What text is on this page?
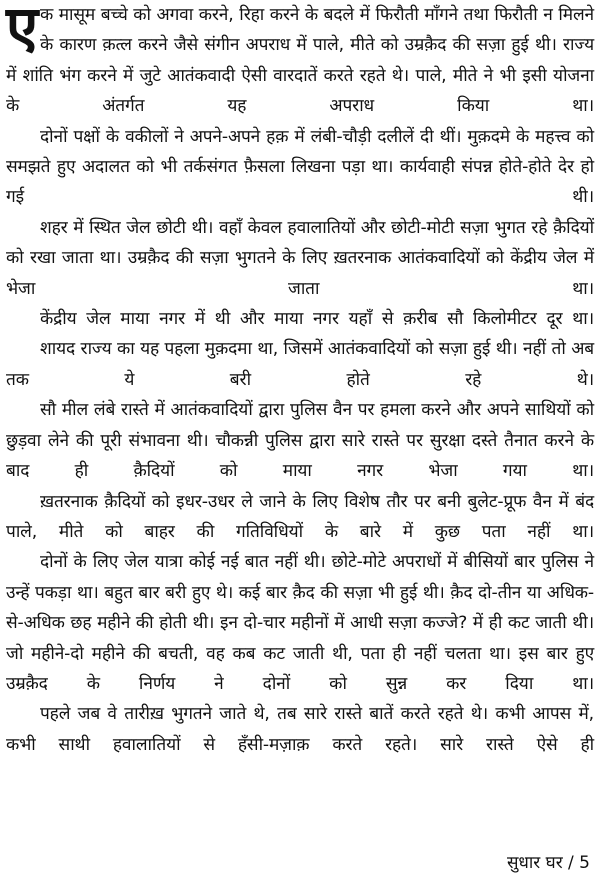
एक मासूम बच्चे को अगवा करने, रिहा करने के बदले में फिरौती माँगने तथा फिरौती न मिलने के कारण क़त्ल करने जैसे संगीन अपराध में पाले, मीते को उम्रक़ैद की सज़ा हुई थी। राज्य में शांति भंग करने में जुटे आतंकवादी ऐसी वारदातें करते रहते थे। पाले, मीते ने भी इसी योजना के अंतर्गत यह अपराध किया था।

दोनों पक्षों के वकीलों ने अपने-अपने हक़ में लंबी-चौड़ी दलीलें दी थीं। मुक़दमे के महत्त्व को समझते हुए अदालत को भी तर्कसंगत फ़ैसला लिखना पड़ा था। कार्यवाही संपन्न होते-होते देर हो गई थी।

शहर में स्थित जेल छोटी थी। वहाँ केवल हवालातियों और छोटी-मोटी सज़ा भुगत रहे क़ैदियों को रखा जाता था। उम्रक़ैद की सज़ा भुगतने के लिए ख़तरनाक आतंकवादियों को केंद्रीय जेल में भेजा जाता था।

केंद्रीय जेल माया नगर में थी और माया नगर यहाँ से क़रीब सौ किलोमीटर दूर था।

शायद राज्य का यह पहला मुक़दमा था, जिसमें आतंकवादियों को सज़ा हुई थी। नहीं तो अब तक ये बरी होते रहे थे।

सौ मील लंबे रास्ते में आतंकवादियों द्वारा पुलिस वैन पर हमला करने और अपने साथियों को छुड़वा लेने की पूरी संभावना थी। चौकन्नी पुलिस द्वारा सारे रास्ते पर सुरक्षा दस्ते तैनात करने के बाद ही क़ैदियों को माया नगर भेजा गया था।

ख़तरनाक क़ैदियों को इधर-उधर ले जाने के लिए विशेष तौर पर बनी बुलेट-प्रूफ वैन में बंद पाले, मीते को बाहर की गतिविधियों के बारे में कुछ पता नहीं था।

दोनों के लिए जेल यात्रा कोई नई बात नहीं थी। छोटे-मोटे अपराधों में बीसियों बार पुलिस ने उन्हें पकड़ा था। बहुत बार बरी हुए थे। कई बार क़ैद की सज़ा भी हुई थी। क़ैद दो-तीन या अधिक-से-अधिक छह महीने की होती थी। इन दो-चार महीनों में आधी सज़ा कज्जे? में ही कट जाती थी। जो महीने-दो महीने की बचती, वह कब कट जाती थी, पता ही नहीं चलता था। इस बार हुए उम्रक़ैद के निर्णय ने दोनों को सुन्न कर दिया था।

पहले जब वे तारीख़ भुगतने जाते थे, तब सारे रास्ते बातें करते रहते थे। कभी आपस में, कभी साथी हवालातियों से हँसी-मज़ाक़ करते रहते। सारे रास्ते ऐसे ही

सुधार घर / 5
